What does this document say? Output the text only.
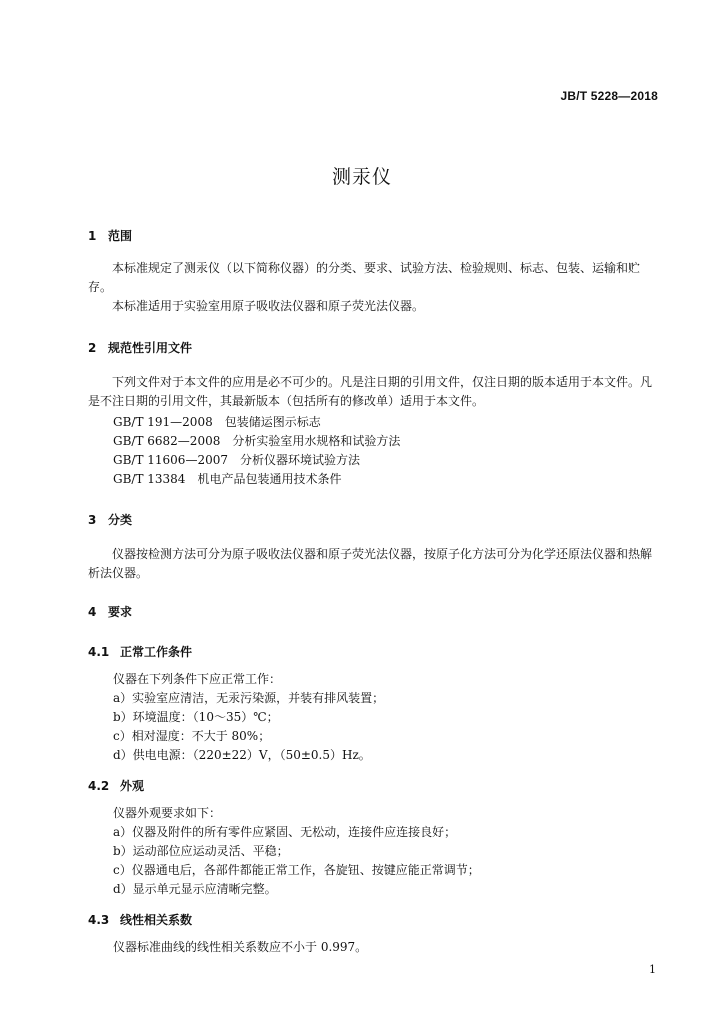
JB/T 5228—2018
测汞仪
1 范围
本标准规定了测汞仪（以下简称仪器）的分类、要求、试验方法、检验规则、标志、包装、运输和贮存。
本标准适用于实验室用原子吸收法仪器和原子荧光法仪器。
2 规范性引用文件
下列文件对于本文件的应用是必不可少的。凡是注日期的引用文件，仅注日期的版本适用于本文件。凡是不注日期的引用文件，其最新版本（包括所有的修改单）适用于本文件。
GB/T 191—2008 包装储运图示标志
GB/T 6682—2008 分析实验室用水规格和试验方法
GB/T 11606—2007 分析仪器环境试验方法
GB/T 13384 机电产品包装通用技术条件
3 分类
仪器按检测方法可分为原子吸收法仪器和原子荧光法仪器，按原子化方法可分为化学还原法仪器和热解析法仪器。
4 要求
4.1 正常工作条件
仪器在下列条件下应正常工作：
a）实验室应清洁，无汞污染源，并装有排风装置；
b）环境温度：（10～35）℃；
c）相对湿度：不大于 80%；
d）供电电源：（220±22）V，（50±0.5）Hz。
4.2 外观
仪器外观要求如下：
a）仪器及附件的所有零件应紧固、无松动，连接件应连接良好；
b）运动部位应运动灵活、平稳；
c）仪器通电后，各部件都能正常工作，各旋钮、按键应能正常调节；
d）显示单元显示应清晰完整。
4.3 线性相关系数
仪器标准曲线的线性相关系数应不小于 0.997。
1
